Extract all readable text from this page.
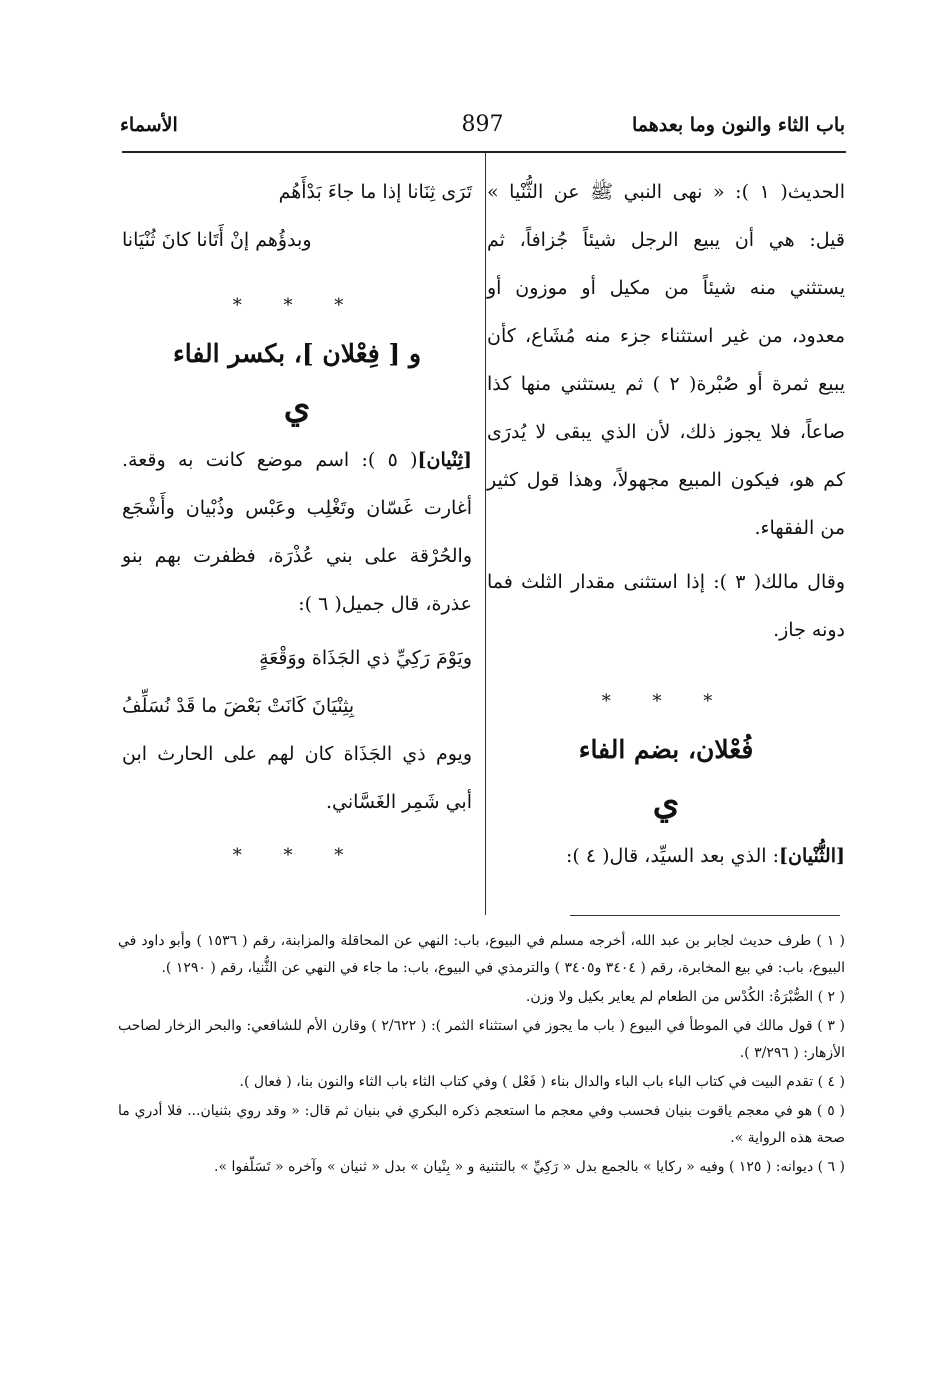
باب الثاء والنون وما بعدهما
897
الأسماء

الحديث( ١ ): « نهى النبي ﷺ عن الثُّنْيا » قيل: هي أن يبيع الرجل شيئاً جُزافاً، ثم يستثني منه شيئاً من مكيل أو موزون أو معدود، من غير استثناء جزء منه مُشَاع، كأن يبيع ثمرة أو صُبْرة( ٢ ) ثم يستثني منها كذا صاعاً، فلا يجوز ذلك، لأن الذي يبقى لا يُدرَى كم هو، فيكون المبيع مجهولاً، وهذا قول كثير من الفقهاء.

وقال مالك( ٣ ): إذا استثنى مقدار الثلث فما دونه جاز.

* * *
فُعْلان، بضم الفاء
ي
[الثُّنْيان]: الذي بعد السيِّد، قال( ٤ ):
تَرَى ثِنَانا إذا ما جاءَ بَدْأَهُم
وبدؤُهم إنْ أَتَانا كانَ ثُنْيَانا
* * *
و [ فِعْلان ]، بكسر الفاء
ي
[ثِنْيان]( ٥ ): اسم موضع كانت به وقعة. أغارت غَسّان وتَغْلِب وعَبْس وذُبْيان وأَشْجَع والحُرْقة على بني عُذْرَة، فظفرت بهم بنو عذرة، قال جميل( ٦ ):
ويَوْمَ رَكِيِّ ذي الجَذَاة ووَقْعَةٍ
بِثِنْيَانَ كَانَتْ بَعْضَ ما قَدْ نُسَلِّفُ

ويوم ذي الجَذَاة كان لهم على الحارث ابن أبي شَمِر الغَسَّاني.

* * *

( ١ ) طرف حديث لجابر بن عبد الله، أخرجه مسلم في البيوع، باب: النهي عن المحاقلة والمزابنة، رقم ( ١٥٣٦ ) وأبو داود في البيوع، باب: في بيع المخابرة، رقم ( ٣٤٠٤ و٣٤٠٥ ) والترمذي في البيوع، باب: ما جاء في النهي عن الثُّنيا، رقم ( ١٢٩٠ ).

( ٢ ) الصُّبْرَةُ: الكُدْس من الطعام لم يعاير بكيل ولا وزن.

( ٣ ) قول مالك في الموطأ في البيوع ( باب ما يجوز في استثناء الثمر ): ( ٢/٦٢٢ ) وقارن الأم للشافعي: والبحر الزخار لصاحب الأزهار: ( ٣/٢٩٦ ).

( ٤ ) تقدم البيت في كتاب الباء باب الباء والدال بناء ( فَعْل ) وفي كتاب الثاء باب الثاء والنون بنا، ( فعال ).

( ٥ ) هو في معجم ياقوت بنيان فحسب وفي معجم ما استعجم ذكره البكري في بنيان ثم قال: « وقد روي بثنيان... فلا أدري ما صحة هذه الرواية ».

( ٦ ) ديوانه: ( ١٢٥ ) وفيه « ركايا » بالجمع بدل « رَكِيِّ » بالتثنية و « بِنْيان » بدل « ثنيان » وآخره « تَسَلّفوا ».
